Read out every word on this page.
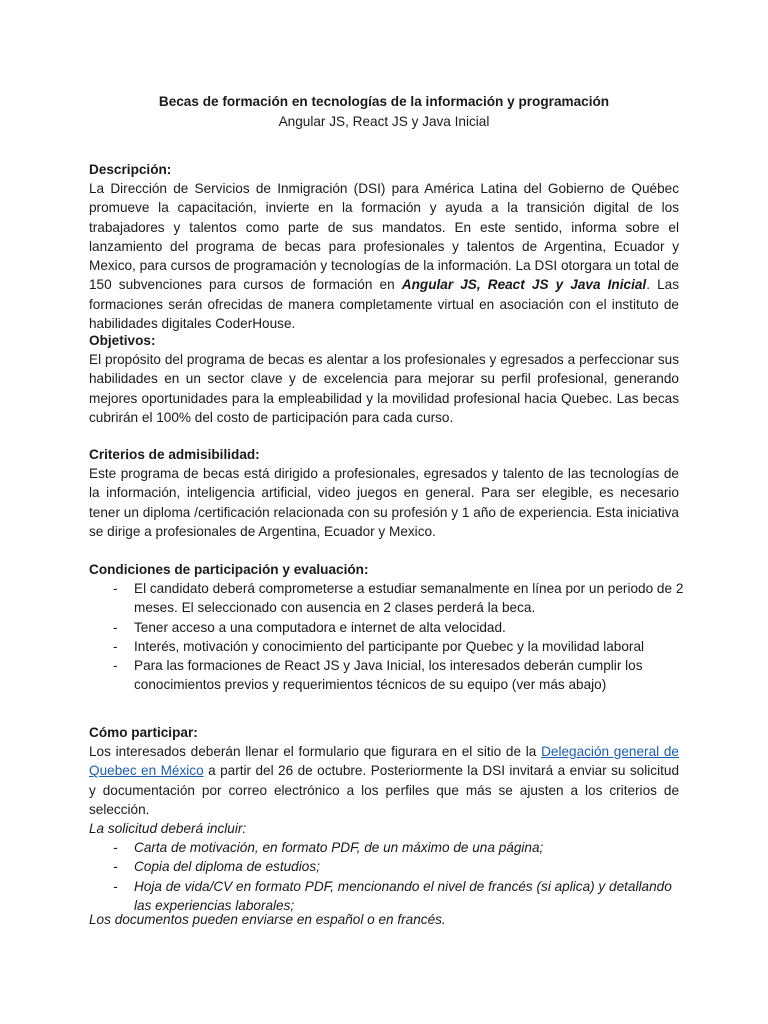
Becas de formación en tecnologías de la información y programación
Angular JS, React JS y Java Inicial
Descripción:

La Dirección de Servicios de Inmigración (DSI) para América Latina del Gobierno de Québec promueve la capacitación, invierte en la formación y ayuda a la transición digital de los trabajadores y talentos como parte de sus mandatos. En este sentido, informa sobre el lanzamiento del programa de becas para profesionales y talentos de Argentina, Ecuador y Mexico, para cursos de programación y tecnologías de la información. La DSI otorgara un total de 150 subvenciones para cursos de formación en Angular JS, React JS y Java Inicial. Las formaciones serán ofrecidas de manera completamente virtual en asociación con el instituto de habilidades digitales CoderHouse.

Objetivos:

El propósito del programa de becas es alentar a los profesionales y egresados a perfeccionar sus habilidades en un sector clave y de excelencia para mejorar su perfil profesional, generando mejores oportunidades para la empleabilidad y la movilidad profesional hacia Quebec. Las becas cubrirán el 100% del costo de participación para cada curso.

Criterios de admisibilidad:

Este programa de becas está dirigido a profesionales, egresados y talento de las tecnologías de la información, inteligencia artificial, video juegos en general. Para ser elegible, es necesario tener un diploma /certificación relacionada con su profesión y 1 año de experiencia. Esta iniciativa se dirige a profesionales de Argentina, Ecuador y Mexico.

Condiciones de participación y evaluación:
- El candidato deberá comprometerse a estudiar semanalmente en línea por un periodo de 2 meses. El seleccionado con ausencia en 2 clases perderá la beca.
- Tener acceso a una computadora e internet de alta velocidad.
- Interés, motivación y conocimiento del participante por Quebec y la movilidad laboral
- Para las formaciones de React JS y Java Inicial, los interesados deberán cumplir los conocimientos previos y requerimientos técnicos de su equipo (ver más abajo)
Cómo participar:

Los interesados deberán llenar el formulario que figurara en el sitio de la Delegación general de Quebec en México a partir del 26 de octubre. Posteriormente la DSI invitará a enviar su solicitud y documentación por correo electrónico a los perfiles que más se ajusten a los criterios de selección.

La solicitud deberá incluir:
- Carta de motivación, en formato PDF, de un máximo de una página;
- Copia del diploma de estudios;
- Hoja de vida/CV en formato PDF, mencionando el nivel de francés (si aplica) y detallando las experiencias laborales;
Los documentos pueden enviarse en español o en francés.
